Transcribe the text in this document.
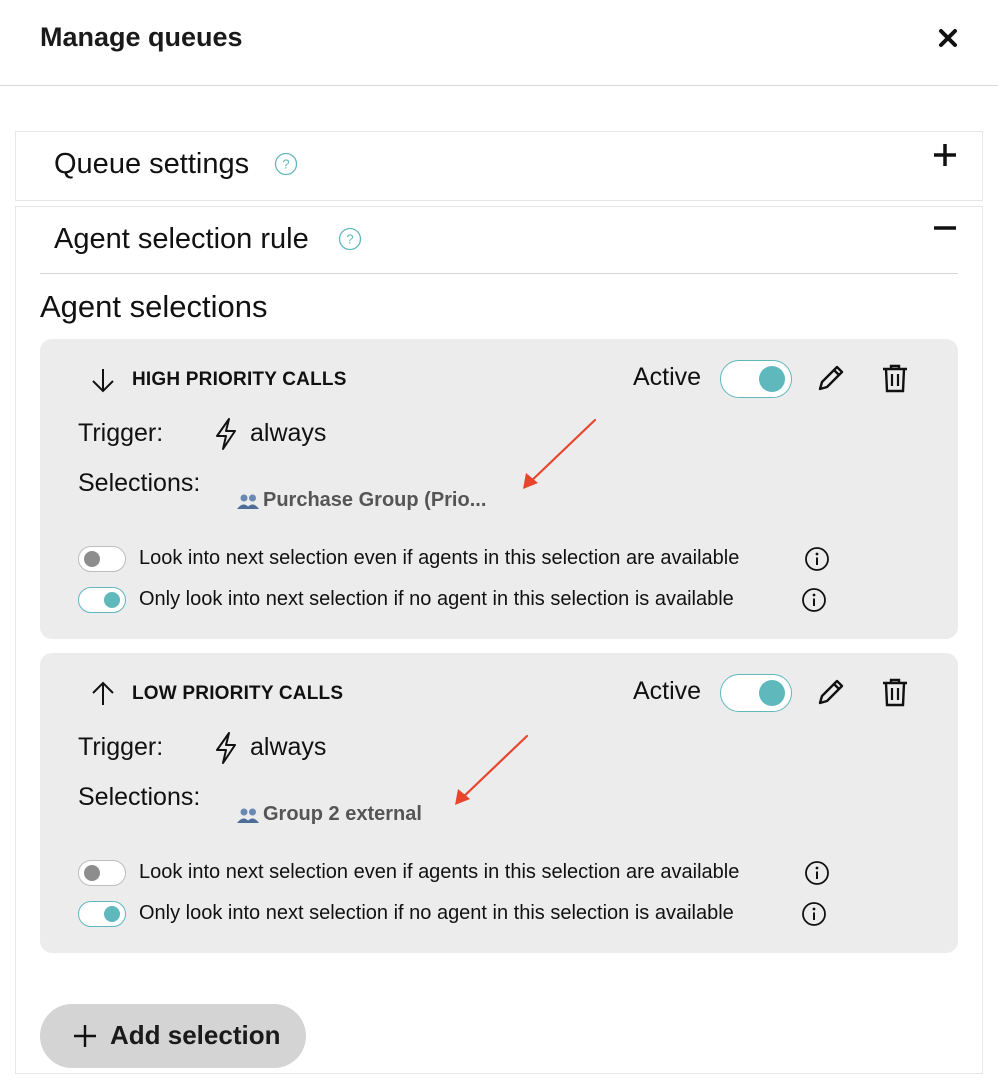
Manage queues
Queue settings	?
Agent selection rule	?
Agent selections
HIGH PRIORITY CALLS	Active
Trigger:	always
Selections:
Purchase Group (Prio...
Look into next selection even if agents in this selection are available
Only look into next selection if no agent in this selection is available
LOW PRIORITY CALLS	Active
Trigger:	always
Selections:
Group 2 external
Look into next selection even if agents in this selection are available
Only look into next selection if no agent in this selection is available
Add selection
